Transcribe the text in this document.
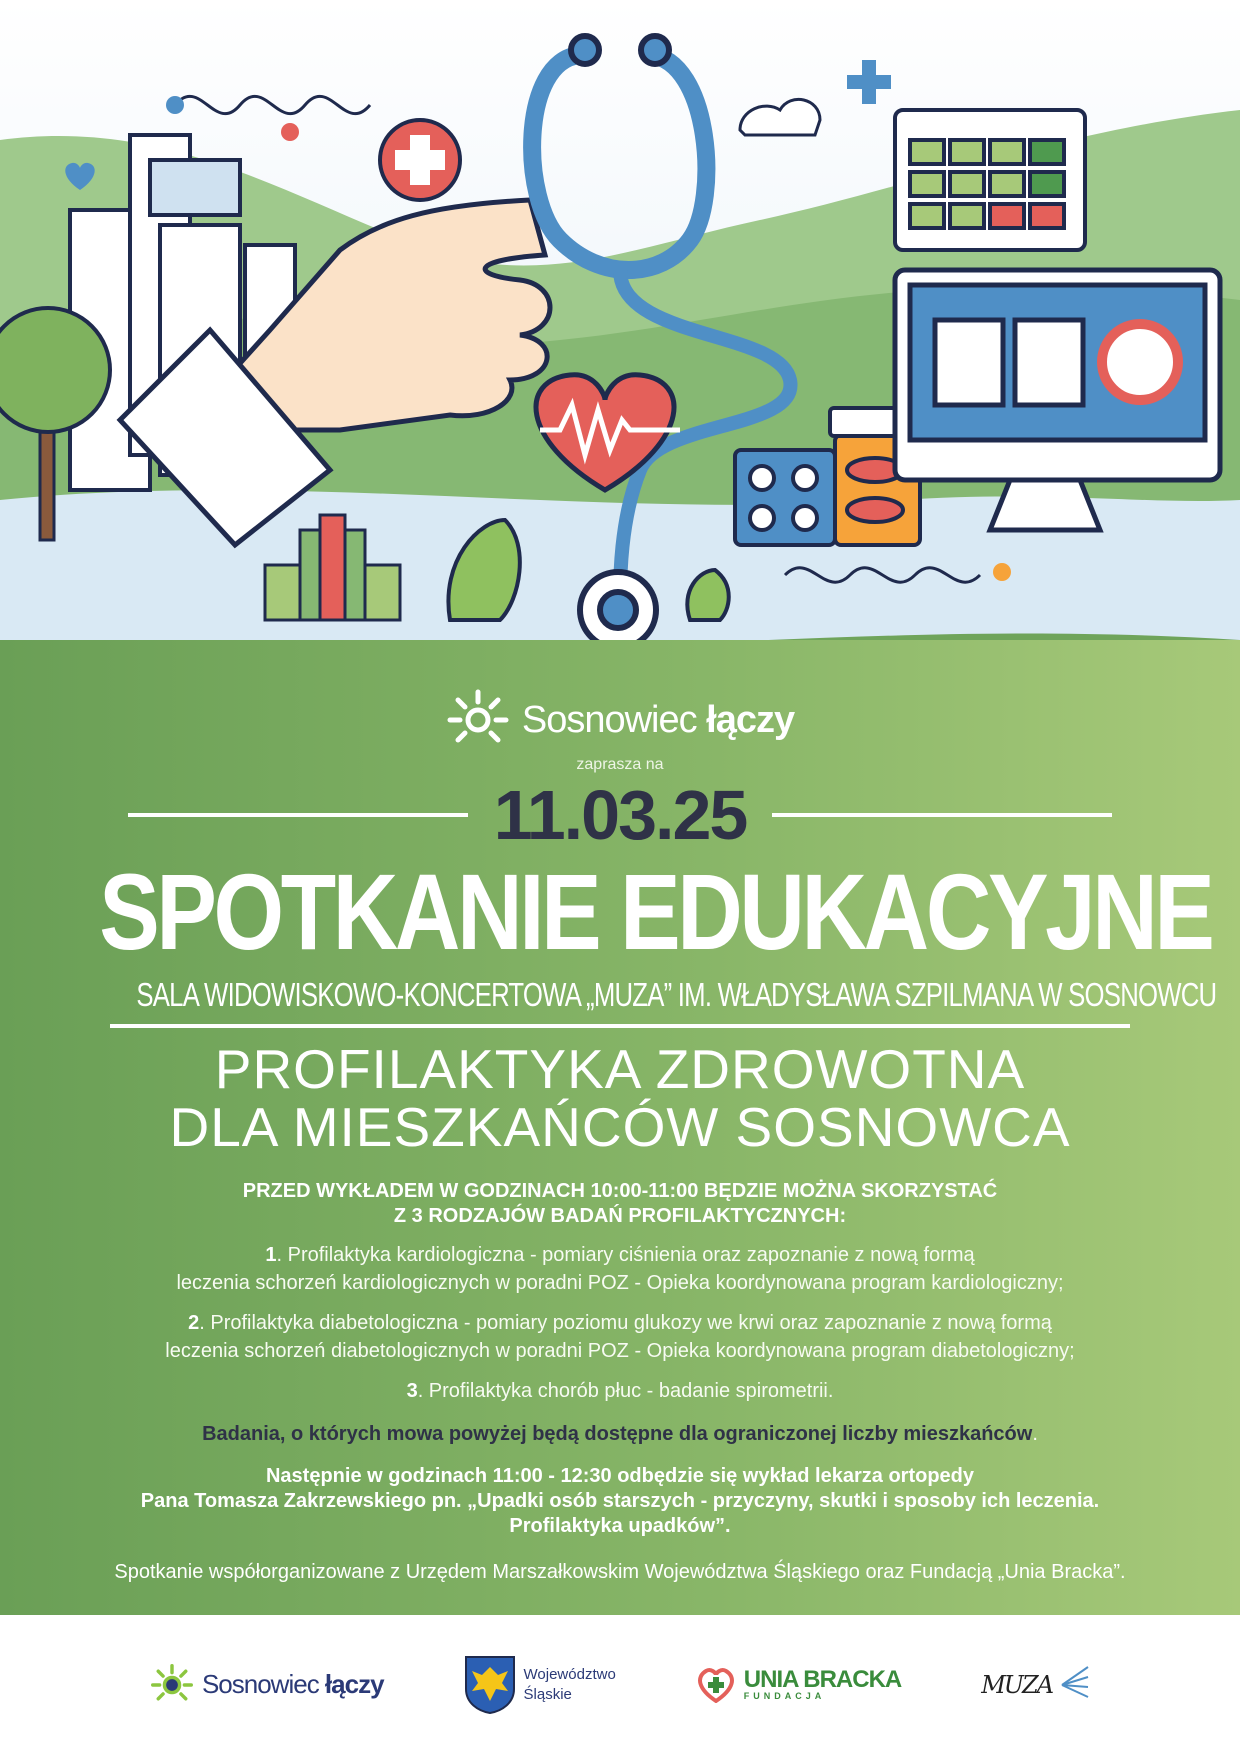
Sosnowiec łączy
zaprasza na
11.03.25
SPOTKANIE EDUKACYJNE
SALA WIDOWISKOWO-KONCERTOWA „MUZA” IM. WŁADYSŁAWA SZPILMANA W SOSNOWCU
PROFILAKTYKA ZDROWOTNA
DLA MIESZKAŃCÓW SOSNOWCA
PRZED WYKŁADEM W GODZINACH 10:00-11:00 BĘDZIE MOŻNA SKORZYSTAĆ
Z 3 RODZAJÓW BADAŃ PROFILAKTYCZNYCH:
1. Profilaktyka kardiologiczna - pomiary ciśnienia oraz zapoznanie z nową formą
leczenia schorzeń kardiologicznych w poradni POZ - Opieka koordynowana program kardiologiczny;
2. Profilaktyka diabetologiczna - pomiary poziomu glukozy we krwi oraz zapoznanie z nową formą
leczenia schorzeń diabetologicznych w poradni POZ - Opieka koordynowana program diabetologiczny;
3. Profilaktyka chorób płuc - badanie spirometrii.
Badania, o których mowa powyżej będą dostępne dla ograniczonej liczby mieszkańców.
Następnie w godzinach 11:00 - 12:30 odbędzie się wykład lekarza ortopedy
Pana Tomasza Zakrzewskiego pn. „Upadki osób starszych - przyczyny, skutki i sposoby ich leczenia.
Profilaktyka upadków”.
Spotkanie współorganizowane z Urzędem Marszałkowskim Województwa Śląskiego oraz Fundacją „Unia Bracka”.
Sosnowiec łączy	Województwo
Śląskie
UNIA BRACKA
FUNDACJA	MUZA
